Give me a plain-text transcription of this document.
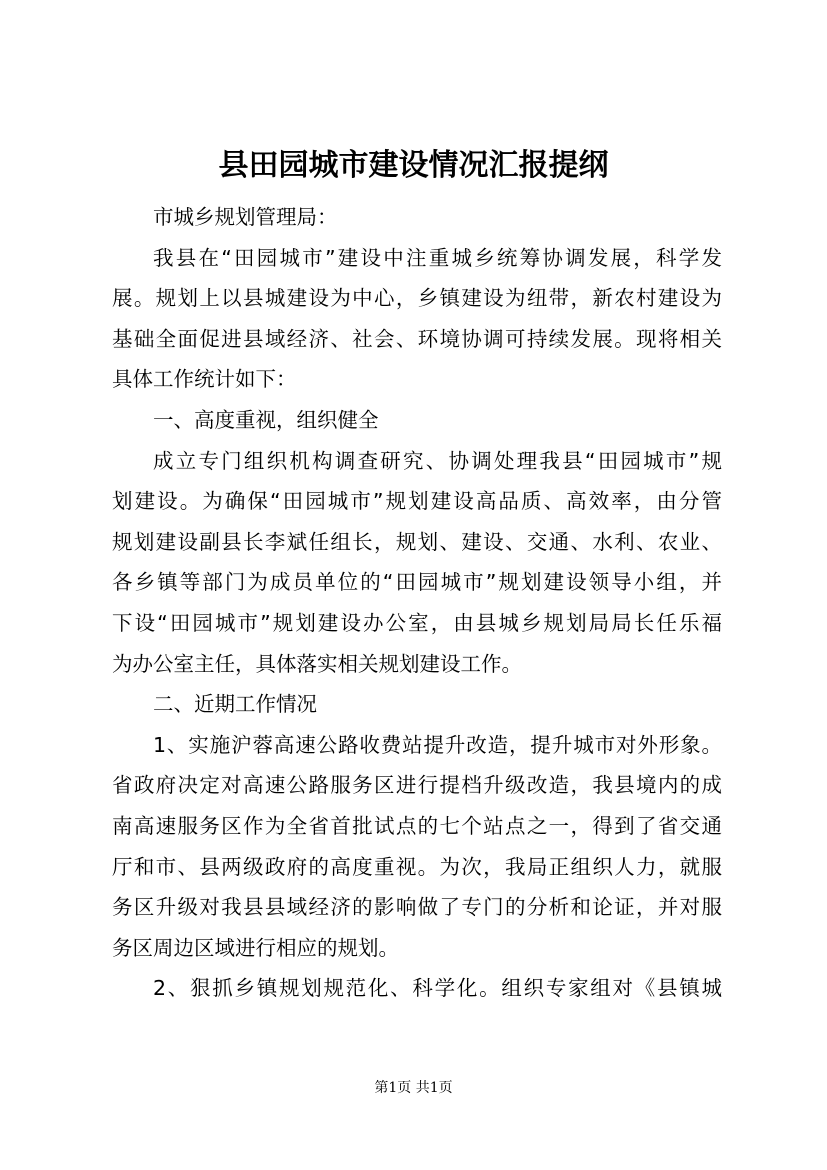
县田园城市建设情况汇报提纲
市城乡规划管理局：
我县在“田园城市”建设中注重城乡统筹协调发展，科学发
展。规划上以县城建设为中心，乡镇建设为纽带，新农村建设为
基础全面促进县域经济、社会、环境协调可持续发展。现将相关
具体工作统计如下：
一、高度重视，组织健全
成立专门组织机构调查研究、协调处理我县“田园城市”规
划建设。为确保“田园城市”规划建设高品质、高效率，由分管
规划建设副县长李斌任组长，规划、建设、交通、水利、农业、
各乡镇等部门为成员单位的“田园城市”规划建设领导小组，并
下设“田园城市”规划建设办公室，由县城乡规划局局长任乐福
为办公室主任，具体落实相关规划建设工作。
二、近期工作情况
1、实施沪蓉高速公路收费站提升改造，提升城市对外形象。
省政府决定对高速公路服务区进行提档升级改造，我县境内的成
南高速服务区作为全省首批试点的七个站点之一，得到了省交通
厅和市、县两级政府的高度重视。为次，我局正组织人力，就服
务区升级对我县县域经济的影响做了专门的分析和论证，并对服
务区周边区域进行相应的规划。
2、狠抓乡镇规划规范化、科学化。组织专家组对《县镇城
第1页 共1页
